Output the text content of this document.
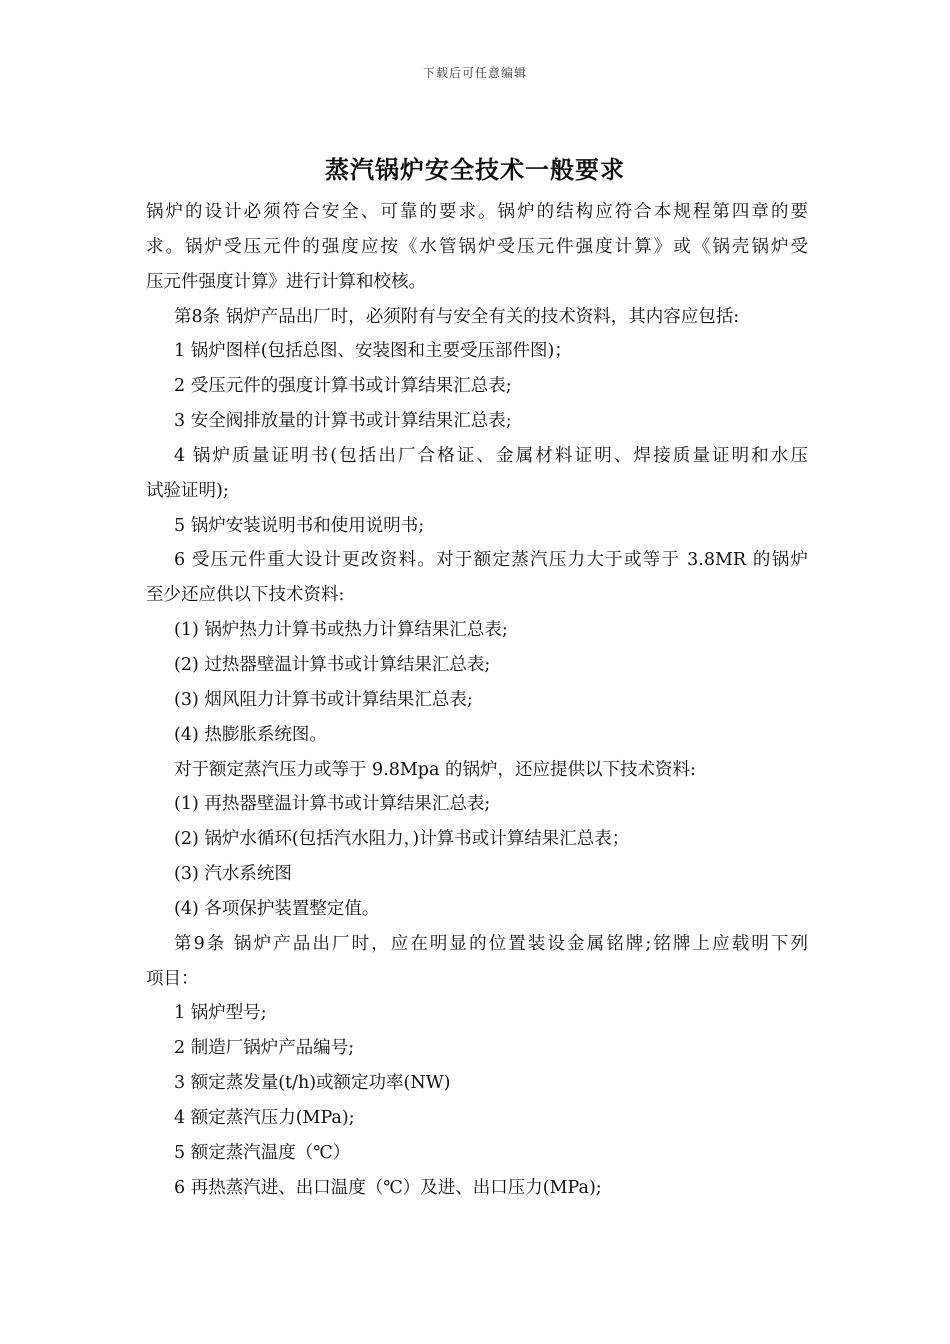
下载后可任意编辑
蒸汽锅炉安全技术一般要求
锅炉的设计必须符合安全、可靠的要求。锅炉的结构应符合本规程第四章的要
求。锅炉受压元件的强度应按《水管锅炉受压元件强度计算》或《锅壳锅炉受
压元件强度计算》进行计算和校核。
第8条 锅炉产品出厂时，必须附有与安全有关的技术资料，其内容应包括:
1 锅炉图样(包括总图、安装图和主要受压部件图)；
2 受压元件的强度计算书或计算结果汇总表;
3 安全阀排放量的计算书或计算结果汇总表;
4 锅炉质量证明书(包括出厂合格证、金属材料证明、焊接质量证明和水压
试验证明);
5 锅炉安装说明书和使用说明书;
6 受压元件重大设计更改资料。对于额定蒸汽压力大于或等于 3.8MR 的锅炉
至少还应供以下技术资料:
(1) 锅炉热力计算书或热力计算结果汇总表;
(2) 过热器壁温计算书或计算结果汇总表;
(3) 烟风阻力计算书或计算结果汇总表;
(4) 热膨胀系统图。
对于额定蒸汽压力或等于 9.8Mpa 的锅炉，还应提供以下技术资料:
(1) 再热器壁温计算书或计算结果汇总表;
(2) 锅炉水循环(包括汽水阻力，)计算书或计算结果汇总表；
(3) 汽水系统图
(4) 各项保护装置整定值。
第9条 锅炉产品出厂时，应在明显的位置装设金属铭牌;铭牌上应载明下列
项目：
1 锅炉型号;
2 制造厂锅炉产品编号;
3 额定蒸发量(t/h)或额定功率(NW)
4 额定蒸汽压力(MPa);
5 额定蒸汽温度（℃）
6 再热蒸汽进、出口温度（℃）及进、出口压力(MPa);
